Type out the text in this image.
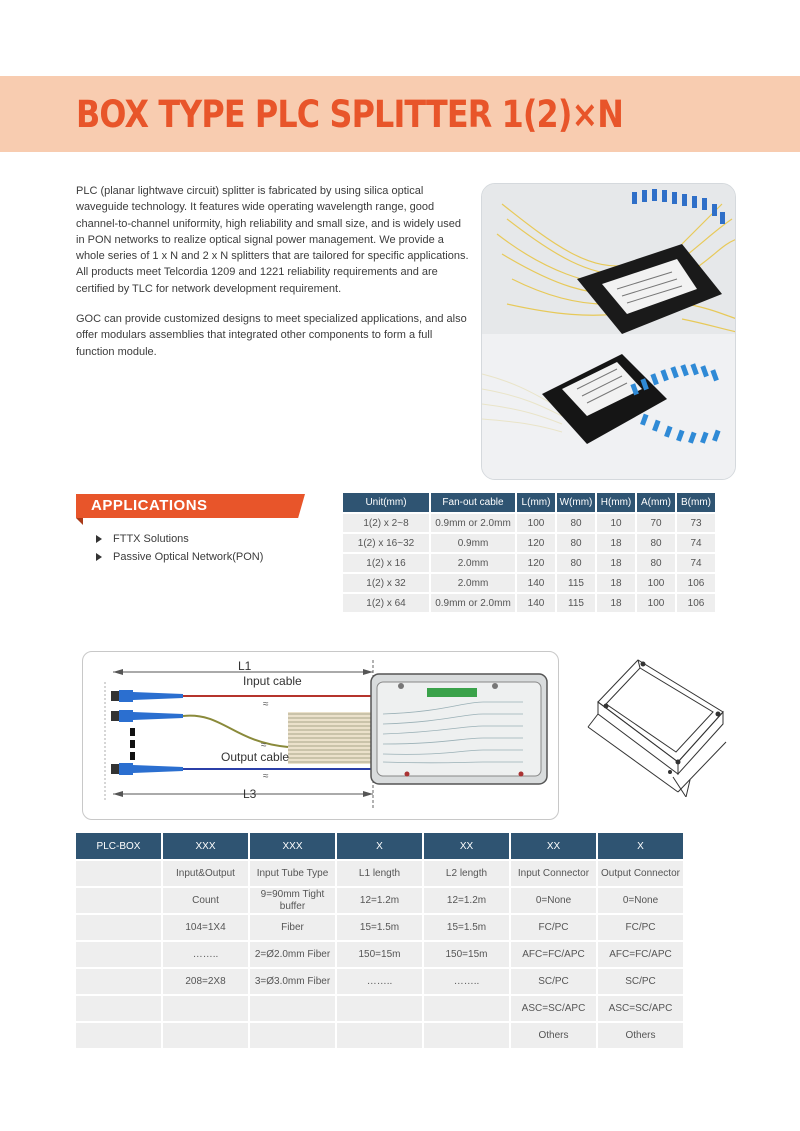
BOX TYPE PLC SPLITTER 1(2)×N

PLC (planar lightwave circuit) splitter is fabricated by using silica optical waveguide technology. It features wide operating wavelength range, good channel-to-channel uniformity, high reliability and small size, and is widely used in PON networks to realize optical signal power management. We provide a whole series of 1 x N and 2 x N splitters that are tailored for specific applications. All products meet Telcordia 1209 and 1221 reliability requirements and are certified by TLC for network development requirement.

GOC can provide customized designs to meet specialized applications, and also offer modulars assemblies that integrated other components to form a full function module.

APPLICATIONS
FTTX Solutions
Passive Optical Network(PON)
Unit(mm)	Fan-out cable	L(mm)	W(mm)	H(mm)	A(mm)	B(mm)
1(2) x 2~8	0.9mm or 2.0mm	100	80	10	70	73
1(2) x 16~32	0.9mm	120	80	18	80	74
1(2) x 16	2.0mm	120	80	18	80	74
1(2) x 32	2.0mm	140	115	18	100	106
1(2) x 64	0.9mm or 2.0mm	140	115	18	100	106
L1
Input cable
≈
≈
≈
Output cable
L3
PLC-BOX	XXX	XXX	X	XX	XX	X
	Input&Output	Input Tube Type	L1 length	L2 length	Input Connector	Output Connector
	Count	9=90mm Tight buffer	12=1.2m	12=1.2m	0=None	0=None
	104=1X4	Fiber	15=1.5m	15=1.5m	FC/PC	FC/PC
	……..	2=Ø2.0mm Fiber	150=15m	150=15m	AFC=FC/APC	AFC=FC/APC
	208=2X8	3=Ø3.0mm Fiber	……..	……..	SC/PC	SC/PC
					ASC=SC/APC	ASC=SC/APC
					Others	Others
